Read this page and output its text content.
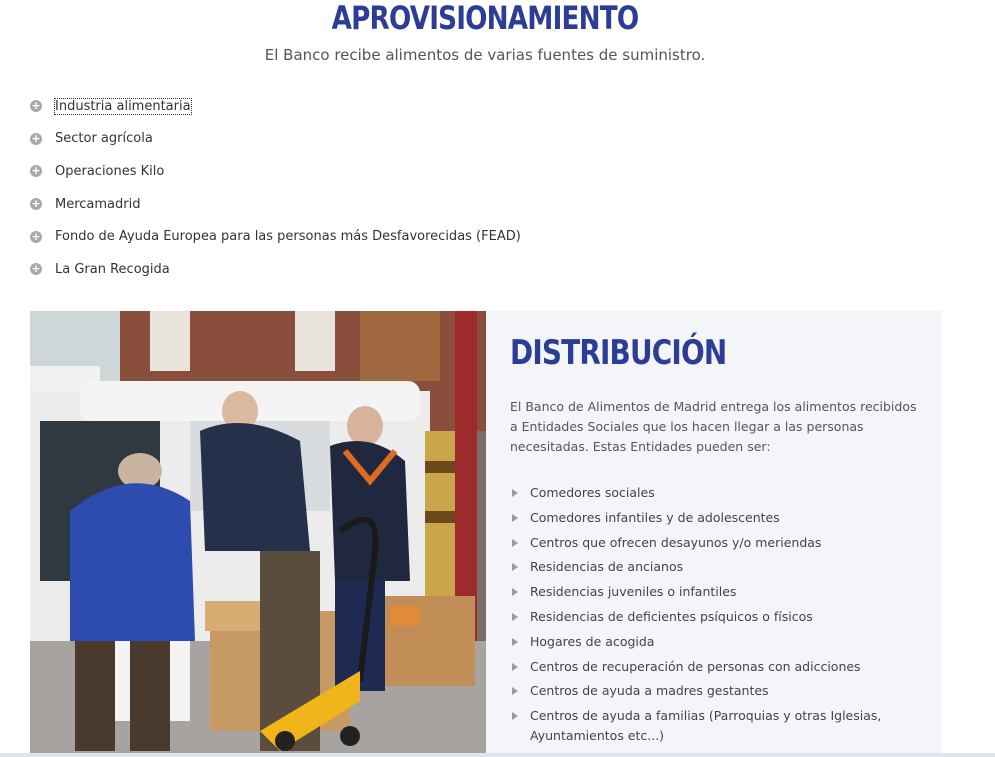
APROVISIONAMIENTO
El Banco recibe alimentos de varias fuentes de suministro.
+ Industria alimentaria
+ Sector agrícola
+ Operaciones Kilo
+ Mercamadrid
+ Fondo de Ayuda Europea para las personas más Desfavorecidas (FEAD)
+ La Gran Recogida
DISTRIBUCIÓN
El Banco de Alimentos de Madrid entrega los alimentos recibidos a Entidades Sociales que los hacen llegar a las personas necesitadas. Estas Entidades pueden ser:
Comedores sociales
Comedores infantiles y de adolescentes
Centros que ofrecen desayunos y/o meriendas
Residencias de ancianos
Residencias juveniles o infantiles
Residencias de deficientes psíquicos o físicos
Hogares de acogida
Centros de recuperación de personas con adicciones
Centros de ayuda a madres gestantes
Centros de ayuda a familias (Parroquias y otras Iglesias, Ayuntamientos etc...)
